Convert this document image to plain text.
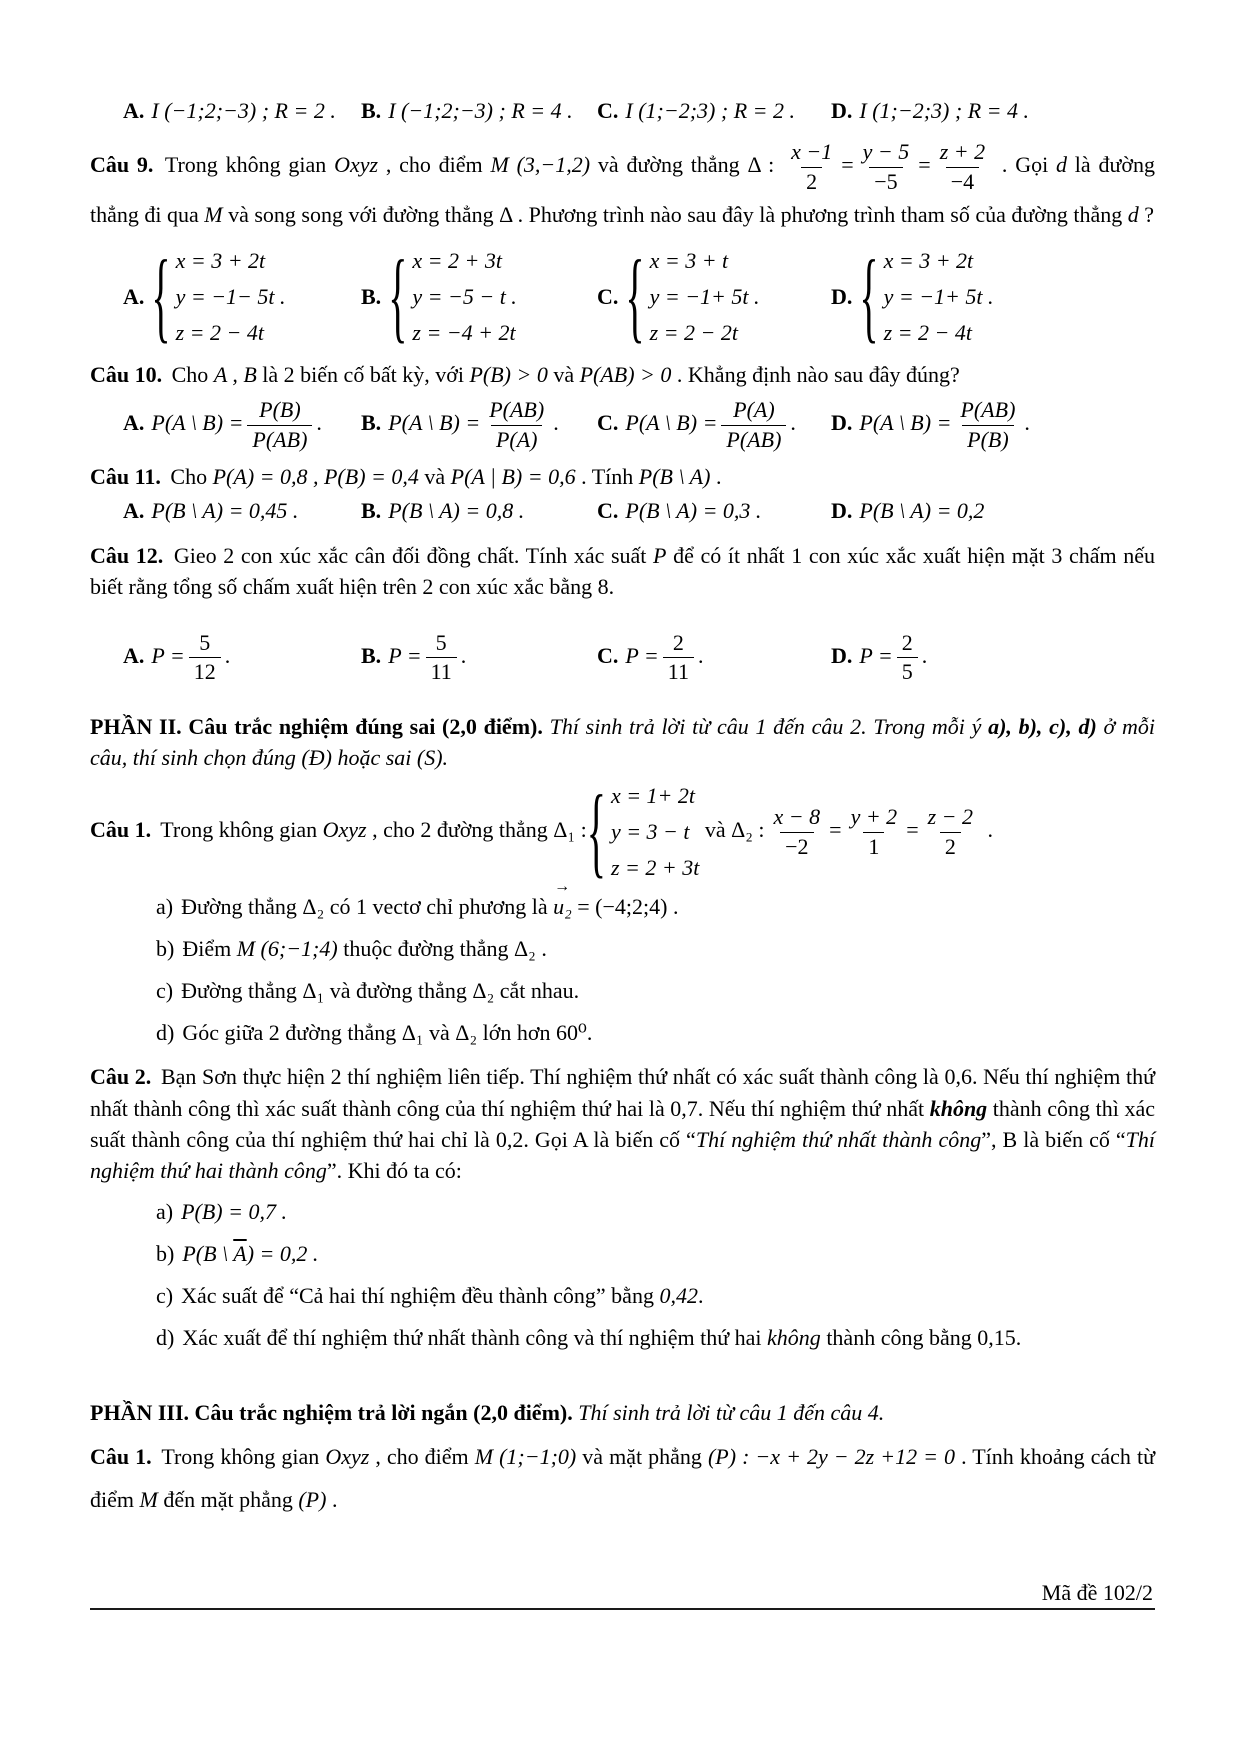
A. I (−1;2;−3) ; R = 2 .	B. I (−1;2;−3) ; R = 4 .	C. I (1;−2;3) ; R = 2 .	D. I (1;−2;3) ; R = 4 .
Câu 9. Trong không gian Oxyz , cho điểm M (3,−1,2) và đường thẳng Δ : $\frac{x -1}{2} = \frac{y - 5}{-5} = \frac{z + 2}{-4}$ . Gọi d là đường thẳng đi qua M và song song với đường thẳng Δ . Phương trình nào sau đây là phương trình tham số của đường thẳng d ?
A. { x = 3 + 2t
y = −1− 5t .
z = 2 − 4t
B. { x = 2 + 3t
y = −5 − t .
z = −4 + 2t
C. { x = 3 + t
y = −1+ 5t .
z = 2 − 2t
D. { x = 3 + 2t
y = −1+ 5t .
z = 2 − 4t
Câu 10. Cho A , B là 2 biến cố bất kỳ, với P(B) > 0 và P(AB) > 0 . Khẳng định nào sau đây đúng?
A. P(A \ $B) = \frac{P(B)}{P(AB)}$ .	B. P(A \ $B) = \frac{P(AB)}{P(A)}$ .	C. P(A \ $B) = \frac{P(A)}{P(AB)}$ .	D. P(A \ $B) = \frac{P(AB)}{P(B)}$ .
Câu 11. Cho P(A) = 0,8 , P(B) = 0,4 và P(A | B) = 0,6 . Tính P(B \ A) .
A. P(B \ A) = 0,45 .	B. P(B \ A) = 0,8 .	C. P(B \ A) = 0,3 .	D. P(B \ A) = 0,2
Câu 12. Gieo 2 con xúc xắc cân đối đồng chất. Tính xác suất P để có ít nhất 1 con xúc xắc xuất hiện mặt 3 chấm nếu biết rằng tổng số chấm xuất hiện trên 2 con xúc xắc bằng 8.
A. $P = \frac{5}{12}$ .	B. $P = \frac{5}{11}$ .	C. $P = \frac{2}{11}$ .	D. $P = \frac{2}{5}$ .
PHẦN II. Câu trắc nghiệm đúng sai (2,0 điểm). Thí sinh trả lời từ câu 1 đến câu 2. Trong mỗi ý a), b), c), d) ở mỗi câu, thí sinh chọn đúng (Đ) hoặc sai (S).
Câu 1. Trong không gian Oxyz , cho 2 đường thẳng Δ₁ : { x = 1+ 2t
y = 3 − t
z = 2 + 3t
và Δ₂ : $\frac{x - 8}{-2} = \frac{y + 2}{1} = \frac{z - 2}{2}$ .
a) Đường thẳng Δ₂ có 1 vectơ chỉ phương là
→
u₂ = (−4;2;4) .
b) Điểm M (6;−1;4) thuộc đường thẳng Δ₂ .
c) Đường thẳng Δ₁ và đường thẳng Δ₂ cắt nhau.
d) Góc giữa 2 đường thẳng Δ₁ và Δ₂ lớn hơn 60⁰.
Câu 2. Bạn Sơn thực hiện 2 thí nghiệm liên tiếp. Thí nghiệm thứ nhất có xác suất thành công là 0,6. Nếu thí nghiệm thứ nhất thành công thì xác suất thành công của thí nghiệm thứ hai là 0,7. Nếu thí nghiệm thứ nhất không thành công thì xác suất thành công của thí nghiệm thứ hai chỉ là 0,2. Gọi A là biến cố “Thí nghiệm thứ nhất thành công”, B là biến cố “Thí nghiệm thứ hai thành công”. Khi đó ta có:
a) P(B) = 0,7 .
b) P(B \ $\overline{A}) = 0,2$ .
c) Xác suất để “Cả hai thí nghiệm đều thành công” bằng 0,42.
d) Xác xuất để thí nghiệm thứ nhất thành công và thí nghiệm thứ hai không thành công bằng 0,15.
PHẦN III. Câu trắc nghiệm trả lời ngắn (2,0 điểm). Thí sinh trả lời từ câu 1 đến câu 4.
Câu 1. Trong không gian Oxyz , cho điểm M (1;−1;0) và mặt phẳng (P) : −x + 2y − 2z +12 = 0 . Tính khoảng cách từ điểm M đến mặt phẳng (P) .
Mã đề 102/2
